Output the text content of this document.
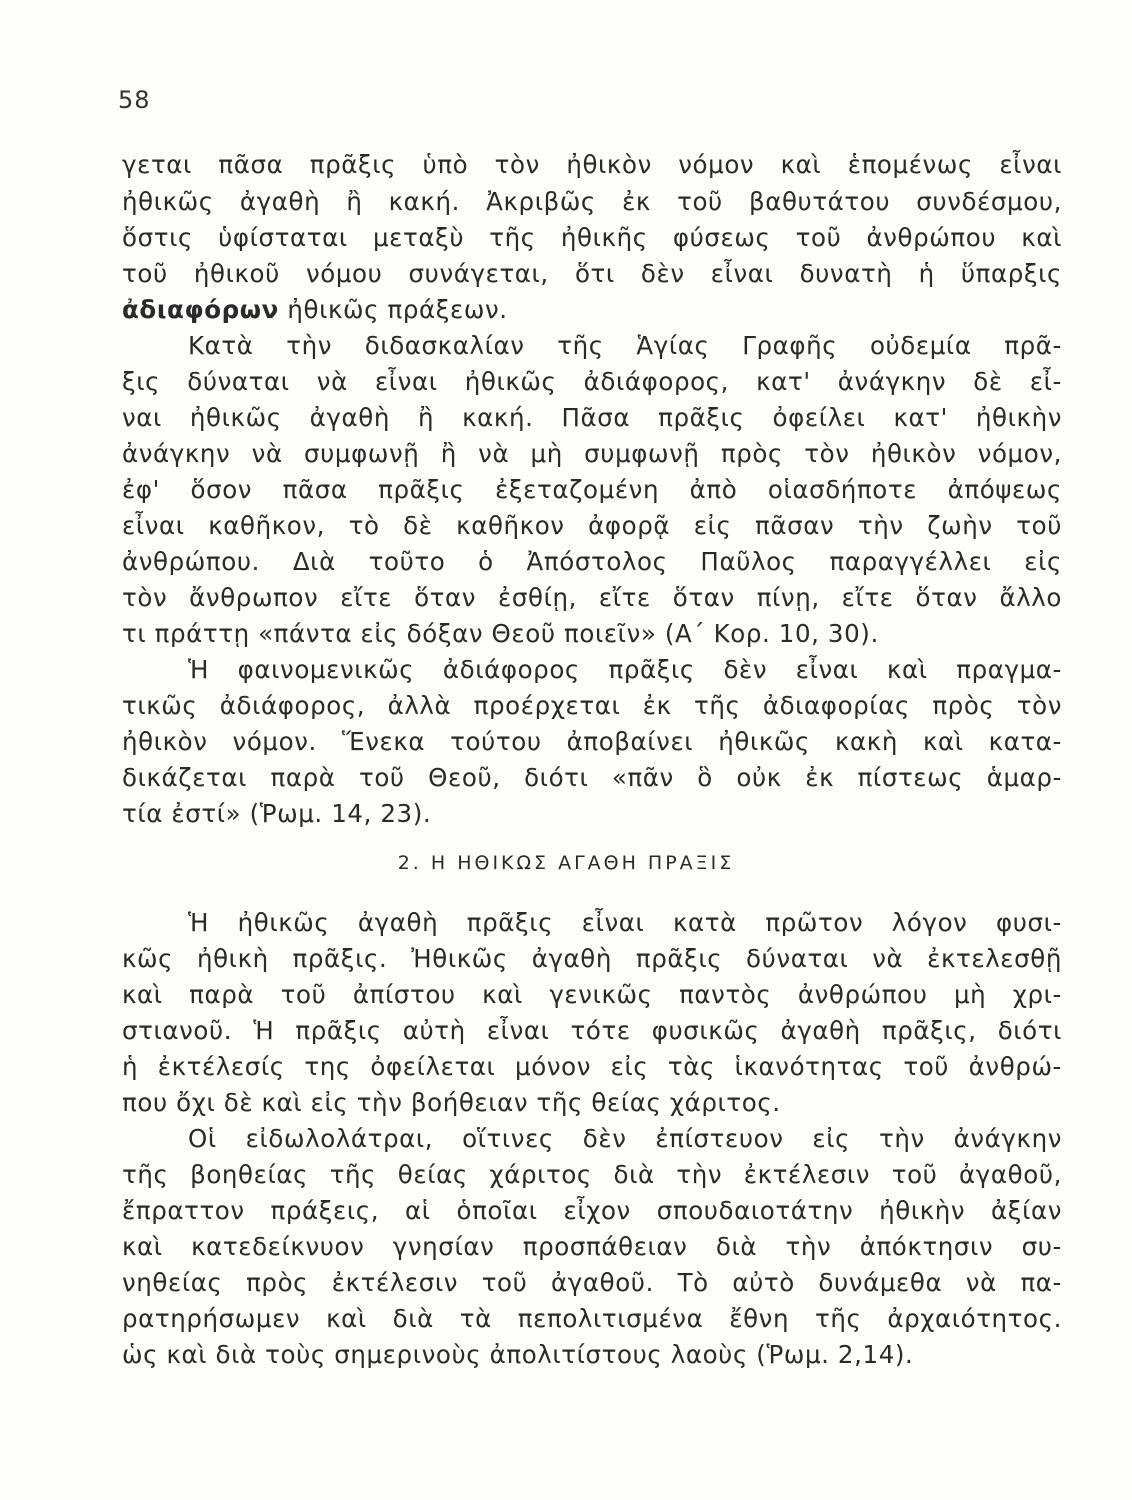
58
γεται πᾶσα πρᾶξις ὑπὸ τὸν ἠθικὸν νόμον καὶ ἑπομένως εἶναι
ἠθικῶς ἀγαθὴ ἢ κακή. Ἀκριβῶς ἐκ τοῦ βαθυτάτου συνδέσμου,
ὅστις ὑφίσταται μεταξὺ τῆς ἠθικῆς φύσεως τοῦ ἀνθρώπου καὶ
τοῦ ἠθικοῦ νόμου συνάγεται, ὅτι δὲν εἶναι δυνατὴ ἡ ὕπαρξις
ἀδιαφόρων ἠθικῶς πράξεων.
Κατὰ τὴν διδασκαλίαν τῆς Ἁγίας Γραφῆς οὐδεμία πρᾶ-
ξις δύναται νὰ εἶναι ἠθικῶς ἀδιάφορος, κατ' ἀνάγκην δὲ εἶ-
ναι ἠθικῶς ἀγαθὴ ἢ κακή. Πᾶσα πρᾶξις ὀφείλει κατ' ἠθικὴν
ἀνάγκην νὰ συμφωνῇ ἢ νὰ μὴ συμφωνῇ πρὸς τὸν ἠθικὸν νόμον,
ἐφ' ὅσον πᾶσα πρᾶξις ἐξεταζομένη ἀπὸ οἱασδήποτε ἀπόψεως
εἶναι καθῆκον, τὸ δὲ καθῆκον ἀφορᾷ εἰς πᾶσαν τὴν ζωὴν τοῦ
ἀνθρώπου. Διὰ τοῦτο ὁ Ἀπόστολος Παῦλος παραγγέλλει εἰς
τὸν ἄνθρωπον εἴτε ὅταν ἐσθίῃ, εἴτε ὅταν πίνῃ, εἴτε ὅταν ἄλλο
τι πράττῃ «πάντα εἰς δόξαν Θεοῦ ποιεῖν» (Α΄ Κορ. 10, 30).
Ἡ φαινομενικῶς ἀδιάφορος πρᾶξις δὲν εἶναι καὶ πραγμα-
τικῶς ἀδιάφορος, ἀλλὰ προέρχεται ἐκ τῆς ἀδιαφορίας πρὸς τὸν
ἠθικὸν νόμον. Ἕνεκα τούτου ἀποβαίνει ἠθικῶς κακὴ καὶ κατα-
δικάζεται παρὰ τοῦ Θεοῦ, διότι «πᾶν ὃ οὐκ ἐκ πίστεως ἁμαρ-
τία ἐστί» (Ῥωμ. 14, 23).
2. Η ΗΘΙΚΩΣ ΑΓΑΘΗ ΠΡΑΞΙΣ
Ἡ ἠθικῶς ἀγαθὴ πρᾶξις εἶναι κατὰ πρῶτον λόγον φυσι-
κῶς ἠθικὴ πρᾶξις. Ἠθικῶς ἀγαθὴ πρᾶξις δύναται νὰ ἐκτελεσθῇ
καὶ παρὰ τοῦ ἀπίστου καὶ γενικῶς παντὸς ἀνθρώπου μὴ χρι-
στιανοῦ. Ἡ πρᾶξις αὐτὴ εἶναι τότε φυσικῶς ἀγαθὴ πρᾶξις, διότι
ἡ ἐκτέλεσίς της ὀφείλεται μόνον εἰς τὰς ἱκανότητας τοῦ ἀνθρώ-
που ὄχι δὲ καὶ εἰς τὴν βοήθειαν τῆς θείας χάριτος.
Οἱ εἰδωλολάτραι, οἵτινες δὲν ἐπίστευον εἰς τὴν ἀνάγκην
τῆς βοηθείας τῆς θείας χάριτος διὰ τὴν ἐκτέλεσιν τοῦ ἀγαθοῦ,
ἔπραττον πράξεις, αἱ ὁποῖαι εἶχον σπουδαιοτάτην ἠθικὴν ἀξίαν
καὶ κατεδείκνυον γνησίαν προσπάθειαν διὰ τὴν ἀπόκτησιν συ-
νηθείας πρὸς ἐκτέλεσιν τοῦ ἀγαθοῦ. Τὸ αὐτὸ δυνάμεθα νὰ πα-
ρατηρήσωμεν καὶ διὰ τὰ πεπολιτισμένα ἔθνη τῆς ἀρχαιότητος.
ὡς καὶ διὰ τοὺς σημερινοὺς ἀπολιτίστους λαοὺς (Ῥωμ. 2,14).
